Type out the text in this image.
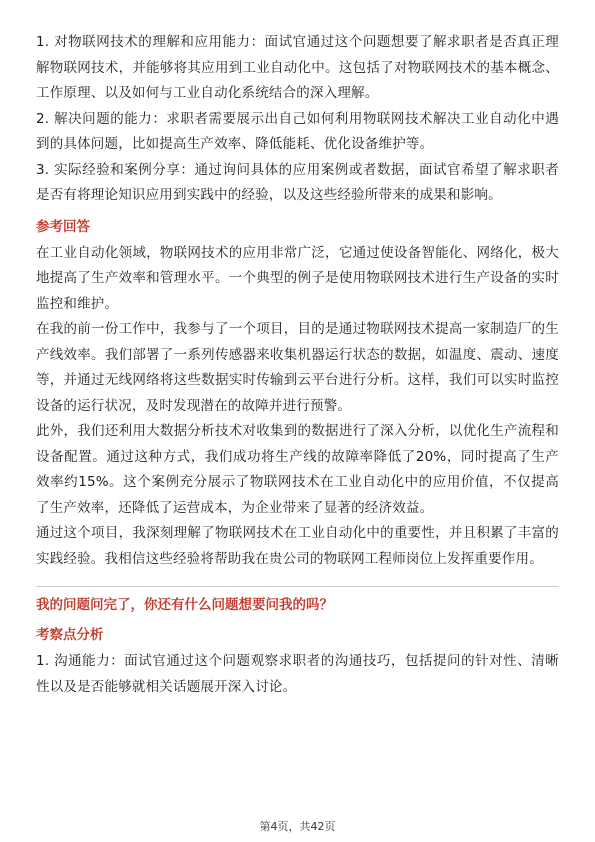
1. 对物联网技术的理解和应用能力：面试官通过这个问题想要了解求职者是否真正理解物联网技术，并能够将其应用到工业自动化中。这包括了对物联网技术的基本概念、工作原理、以及如何与工业自动化系统结合的深入理解。

2. 解决问题的能力：求职者需要展示出自己如何利用物联网技术解决工业自动化中遇到的具体问题，比如提高生产效率、降低能耗、优化设备维护等。

3. 实际经验和案例分享：通过询问具体的应用案例或者数据，面试官希望了解求职者是否有将理论知识应用到实践中的经验，以及这些经验所带来的成果和影响。

参考回答

在工业自动化领域，物联网技术的应用非常广泛，它通过使设备智能化、网络化，极大地提高了生产效率和管理水平。一个典型的例子是使用物联网技术进行生产设备的实时监控和维护。

在我的前一份工作中，我参与了一个项目，目的是通过物联网技术提高一家制造厂的生产线效率。我们部署了一系列传感器来收集机器运行状态的数据，如温度、震动、速度等，并通过无线网络将这些数据实时传输到云平台进行分析。这样，我们可以实时监控设备的运行状况，及时发现潜在的故障并进行预警。

此外，我们还利用大数据分析技术对收集到的数据进行了深入分析，以优化生产流程和设备配置。通过这种方式，我们成功将生产线的故障率降低了20%，同时提高了生产效率约15%。这个案例充分展示了物联网技术在工业自动化中的应用价值，不仅提高了生产效率，还降低了运营成本，为企业带来了显著的经济效益。

通过这个项目，我深刻理解了物联网技术在工业自动化中的重要性，并且积累了丰富的实践经验。我相信这些经验将帮助我在贵公司的物联网工程师岗位上发挥重要作用。

我的问题问完了，你还有什么问题想要问我的吗？
考察点分析

1. 沟通能力：面试官通过这个问题观察求职者的沟通技巧，包括提问的针对性、清晰性以及是否能够就相关话题展开深入讨论。

第4页，共42页
